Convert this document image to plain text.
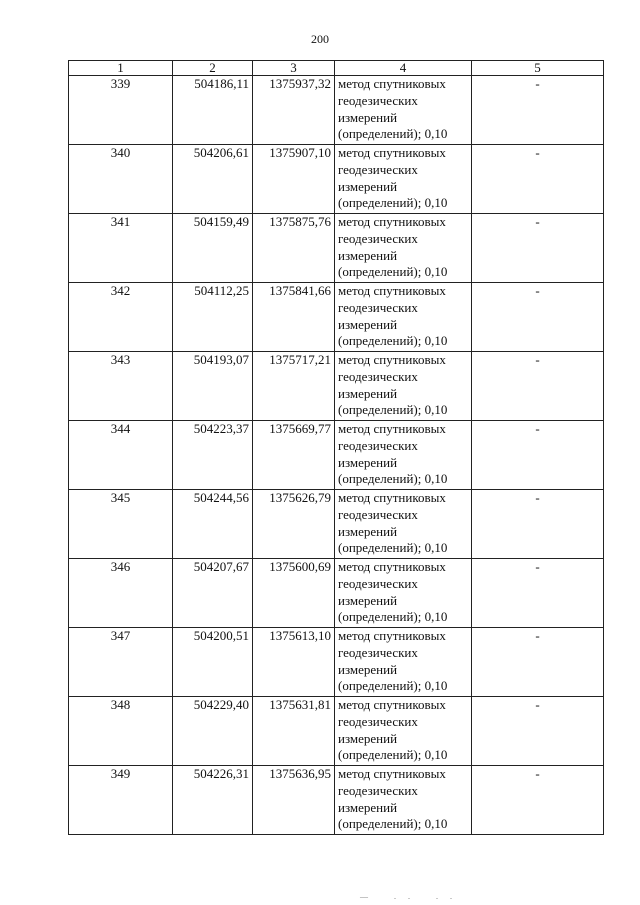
200
1	2	3	4	5
339	504186,11	1375937,32	метод спутниковых
геодезических
измерений
(определений); 0,10	-
340	504206,61	1375907,10	метод спутниковых
геодезических
измерений
(определений); 0,10	-
341	504159,49	1375875,76	метод спутниковых
геодезических
измерений
(определений); 0,10	-
342	504112,25	1375841,66	метод спутниковых
геодезических
измерений
(определений); 0,10	-
343	504193,07	1375717,21	метод спутниковых
геодезических
измерений
(определений); 0,10	-
344	504223,37	1375669,77	метод спутниковых
геодезических
измерений
(определений); 0,10	-
345	504244,56	1375626,79	метод спутниковых
геодезических
измерений
(определений); 0,10	-
346	504207,67	1375600,69	метод спутниковых
геодезических
измерений
(определений); 0,10	-
347	504200,51	1375613,10	метод спутниковых
геодезических
измерений
(определений); 0,10	-
348	504229,40	1375631,81	метод спутниковых
геодезических
измерений
(определений); 0,10	-
349	504226,31	1375636,95	метод спутниковых
геодезических
измерений
(определений); 0,10	-
— .. ..
